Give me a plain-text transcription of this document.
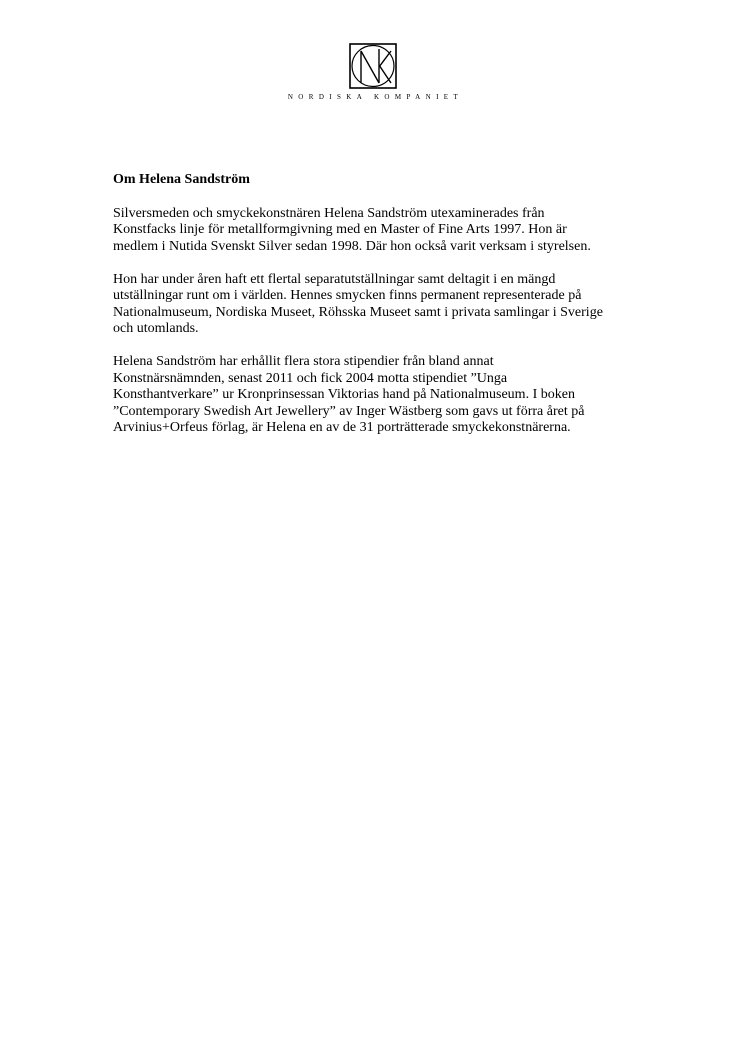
NORDISKA KOMPANIET
Om Helena Sandström
Silversmeden och smyckekonstnären Helena Sandström utexaminerades från
Konstfacks linje för metallformgivning med en Master of Fine Arts 1997. Hon är
medlem i Nutida Svenskt Silver sedan 1998. Där hon också varit verksam i styrelsen.
Hon har under åren haft ett flertal separatutställningar samt deltagit i en mängd
utställningar runt om i världen. Hennes smycken finns permanent representerade på
Nationalmuseum, Nordiska Museet, Röhsska Museet samt i privata samlingar i Sverige
och utomlands.
Helena Sandström har erhållit flera stora stipendier från bland annat
Konstnärsnämnden, senast 2011 och fick 2004 motta stipendiet ”Unga
Konsthantverkare” ur Kronprinsessan Viktorias hand på Nationalmuseum. I boken
”Contemporary Swedish Art Jewellery” av Inger Wästberg som gavs ut förra året på
Arvinius+Orfeus förlag, är Helena en av de 31 porträtterade smyckekonstnärerna.
